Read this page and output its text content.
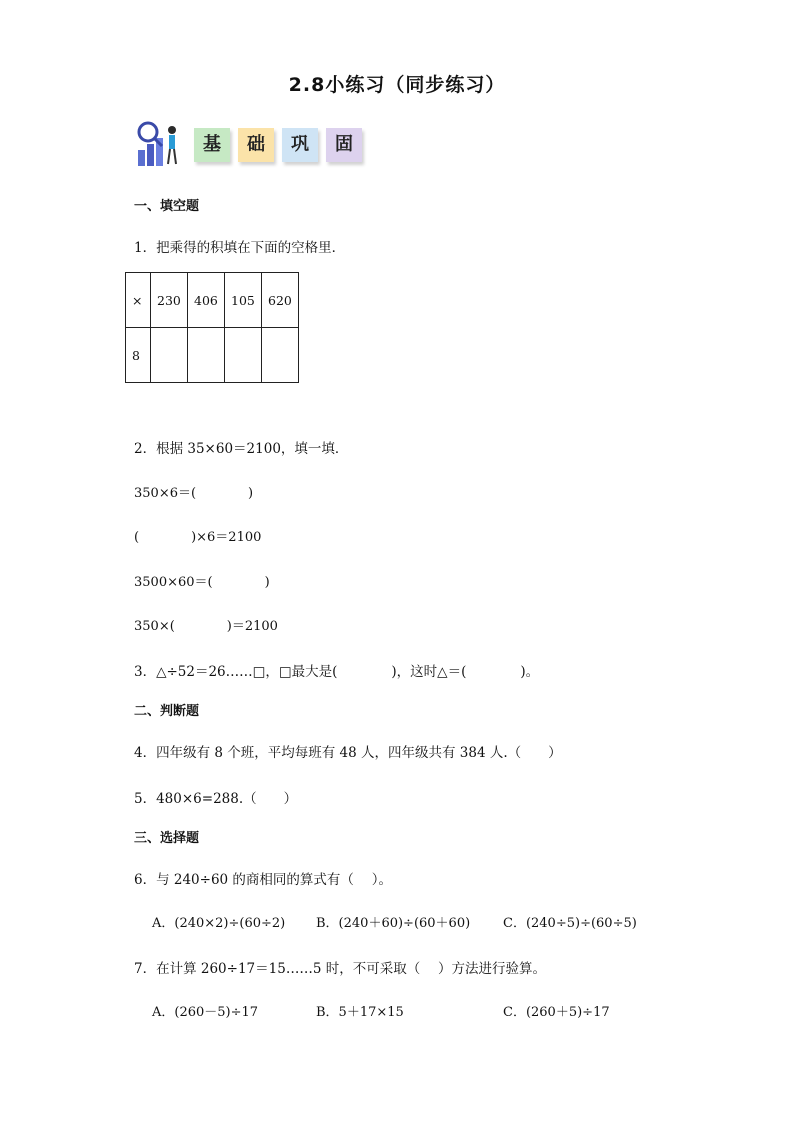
2.8小练习（同步练习）
基	础	巩	固
一、填空题
1．把乘得的积填在下面的空格里．
×	230	406	105	620
8				
2．根据 35×60＝2100，填一填．
350×6＝(　　　　)
(　　　　)×6＝2100
3500×60＝(　　　　)
350×(　　　　)＝2100
3．△÷52＝26……□，□最大是(　　　　)，这时△＝(　　　　)。
二、判断题
4．四年级有 8 个班，平均每班有 48 人，四年级共有 384 人.（　　）
5．480×6=288.（　　）
三、选择题
6．与 240÷60 的商相同的算式有（　 ）。
A．(240×2)÷(60÷2) B．(240＋60)÷(60＋60)	C．(240÷5)÷(60÷5)
7．在计算 260÷17＝15……5 时，不可采取（　 ）方法进行验算。
A．(260－5)÷17	B．5＋17×15	C．(260＋5)÷17
